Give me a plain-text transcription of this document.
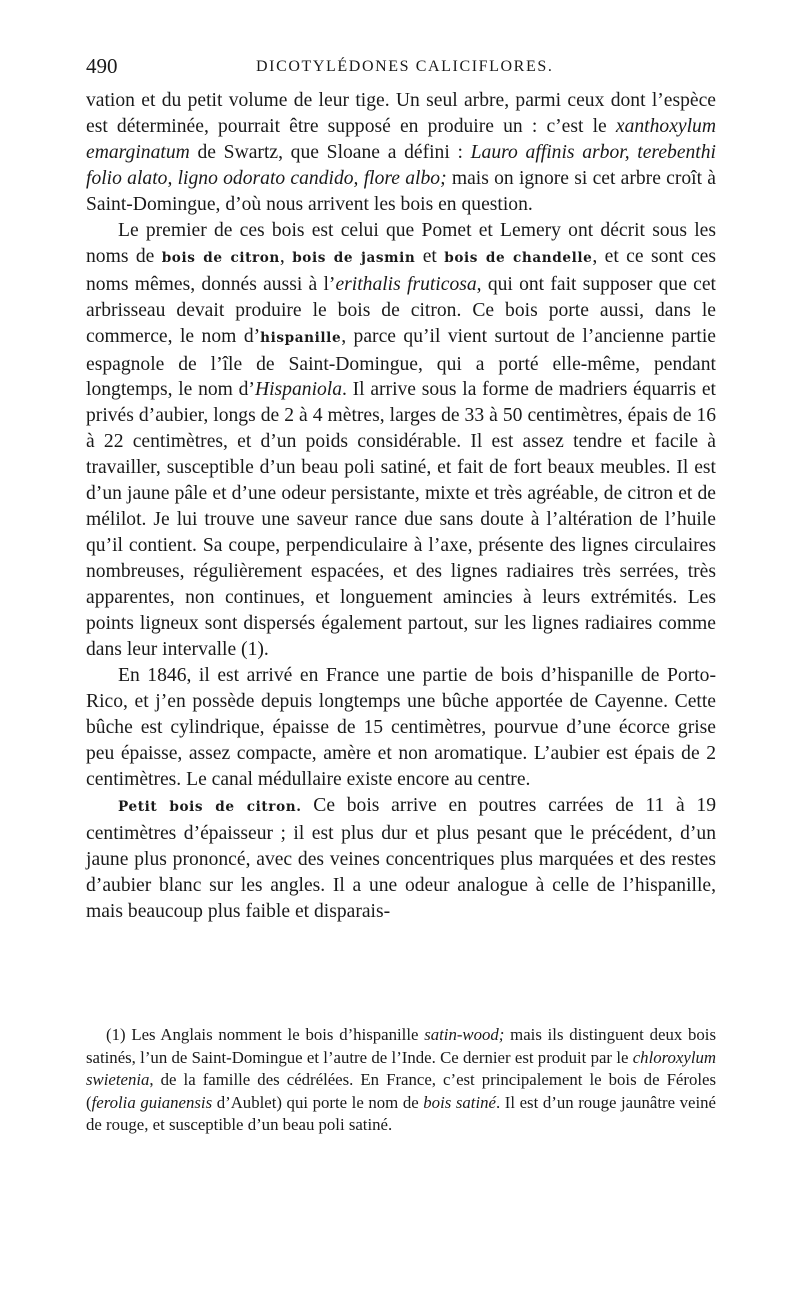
490	DICOTYLÉDONES CALICIFLORES.

vation et du petit volume de leur tige. Un seul arbre, parmi ceux dont l’espèce est déterminée, pourrait être supposé en produire un : c’est le xanthoxylum emarginatum de Swartz, que Sloane a défini : Lauro affinis arbor, terebenthi folio alato, ligno odorato candido, flore albo; mais on ignore si cet arbre croît à Saint-Domingue, d’où nous arrivent les bois en question.

Le premier de ces bois est celui que Pomet et Lemery ont décrit sous les noms de bois de citron, bois de jasmin et bois de chandelle, et ce sont ces noms mêmes, donnés aussi à l’erithalis fruticosa, qui ont fait supposer que cet arbrisseau devait produire le bois de citron. Ce bois porte aussi, dans le commerce, le nom d’hispanille, parce qu’il vient surtout de l’ancienne partie espagnole de l’île de Saint-Domingue, qui a porté elle-même, pendant longtemps, le nom d’Hispaniola. Il arrive sous la forme de madriers équarris et privés d’aubier, longs de 2 à 4 mètres, larges de 33 à 50 centimètres, épais de 16 à 22 centimètres, et d’un poids considérable. Il est assez tendre et facile à travailler, susceptible d’un beau poli satiné, et fait de fort beaux meubles. Il est d’un jaune pâle et d’une odeur persistante, mixte et très agréable, de citron et de mélilot. Je lui trouve une saveur rance due sans doute à l’altération de l’huile qu’il contient. Sa coupe, perpendiculaire à l’axe, présente des lignes circulaires nombreuses, régulièrement espacées, et des lignes radiaires très serrées, très apparentes, non continues, et longuement amincies à leurs extrémités. Les points ligneux sont dispersés également partout, sur les lignes radiaires comme dans leur intervalle (1).

En 1846, il est arrivé en France une partie de bois d’hispanille de Porto-Rico, et j’en possède depuis longtemps une bûche apportée de Cayenne. Cette bûche est cylindrique, épaisse de 15 centimètres, pourvue d’une écorce grise peu épaisse, assez compacte, amère et non aromatique. L’aubier est épais de 2 centimètres. Le canal médullaire existe encore au centre.

Petit bois de citron. Ce bois arrive en poutres carrées de 11 à 19 centimètres d’épaisseur ; il est plus dur et plus pesant que le précédent, d’un jaune plus prononcé, avec des veines concentriques plus marquées et des restes d’aubier blanc sur les angles. Il a une odeur analogue à celle de l’hispanille, mais beaucoup plus faible et disparais-

(1) Les Anglais nomment le bois d’hispanille satin-wood; mais ils distinguent deux bois satinés, l’un de Saint-Domingue et l’autre de l’Inde. Ce dernier est produit par le chloroxylum swietenia, de la famille des cédrélées. En France, c’est principalement le bois de Féroles (ferolia guianensis d’Aublet) qui porte le nom de bois satiné. Il est d’un rouge jaunâtre veiné de rouge, et susceptible d’un beau poli satiné.
